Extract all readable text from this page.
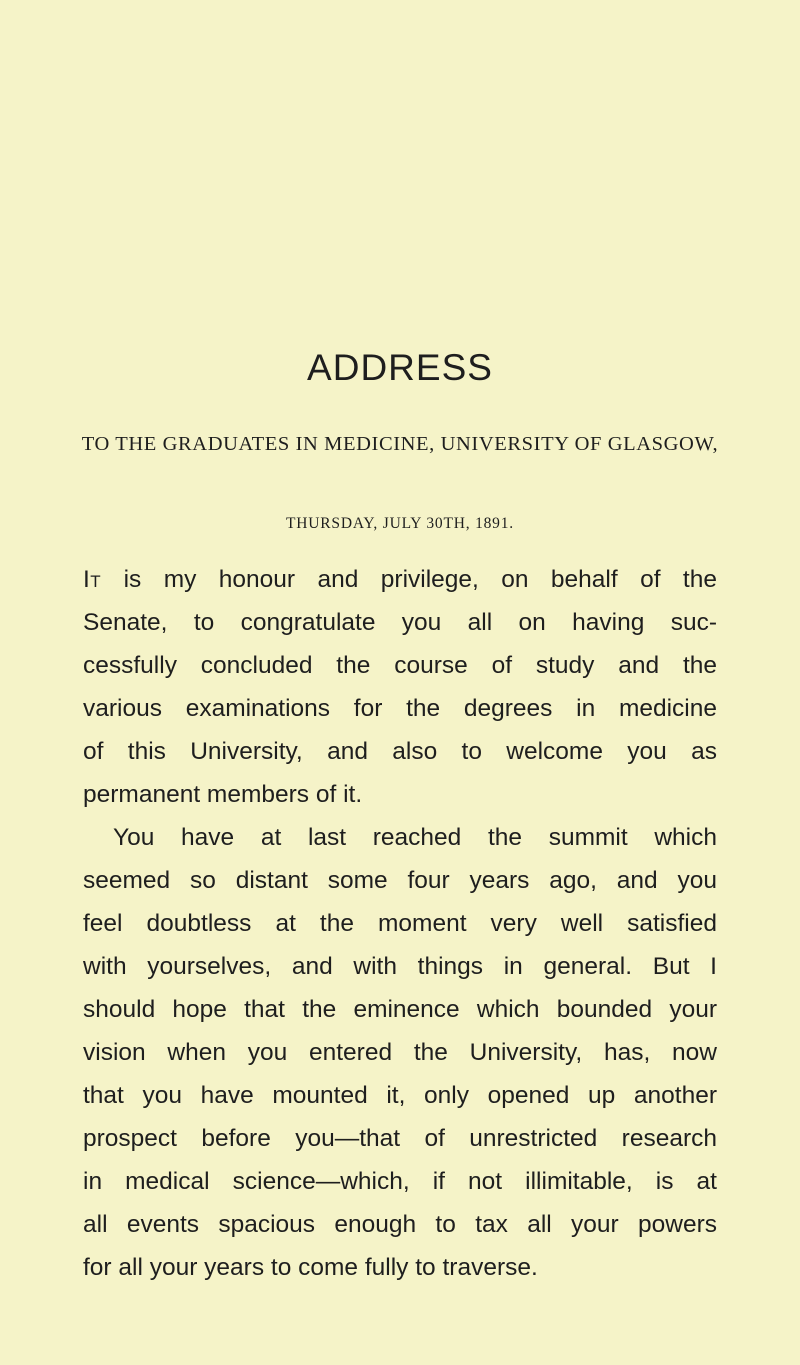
ADDRESS
TO THE GRADUATES IN MEDICINE, UNIVERSITY OF GLASGOW,
THURSDAY, JULY 30TH, 1891.
It is my honour and privilege, on behalf of the
Senate, to congratulate you all on having suc-
cessfully concluded the course of study and the
various examinations for the degrees in medicine
of this University, and also to welcome you as
permanent members of it.
You have at last reached the summit which
seemed so distant some four years ago, and you
feel doubtless at the moment very well satisfied
with yourselves, and with things in general. But I
should hope that the eminence which bounded your
vision when you entered the University, has, now
that you have mounted it, only opened up another
prospect before you—that of unrestricted research
in medical science—which, if not illimitable, is at
all events spacious enough to tax all your powers
for all your years to come fully to traverse.
